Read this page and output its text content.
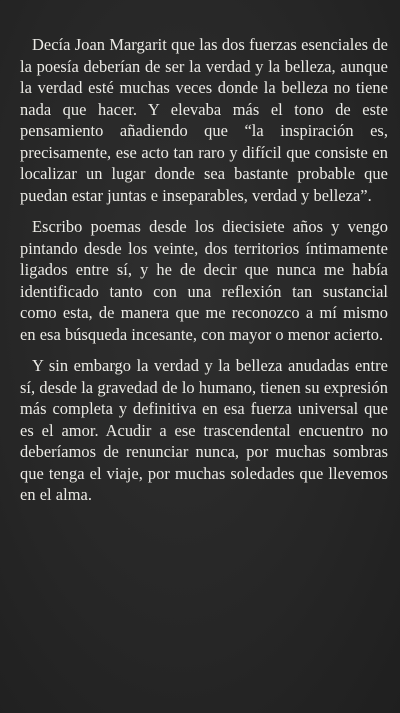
Decía Joan Margarit que las dos fuerzas esenciales de la poesía deberían de ser la verdad y la belleza, aunque la verdad esté muchas veces donde la belleza no tiene nada que hacer. Y elevaba más el tono de este pensamiento añadiendo que “la inspiración es, precisamente, ese acto tan raro y difícil que consiste en localizar un lugar donde sea bastante probable que puedan estar juntas e inseparables, verdad y belleza”.

Escribo poemas desde los diecisiete años y vengo pintando desde los veinte, dos territorios íntimamente ligados entre sí, y he de decir que nunca me había identificado tanto con una reflexión tan sustancial como esta, de manera que me reconozco a mí mismo en esa búsqueda incesante, con mayor o menor acierto.

Y sin embargo la verdad y la belleza anudadas entre sí, desde la gravedad de lo humano, tienen su expresión más completa y definitiva en esa fuerza universal que es el amor. Acudir a ese trascendental encuentro no deberíamos de renunciar nunca, por muchas sombras que tenga el viaje, por muchas soledades que llevemos en el alma.
